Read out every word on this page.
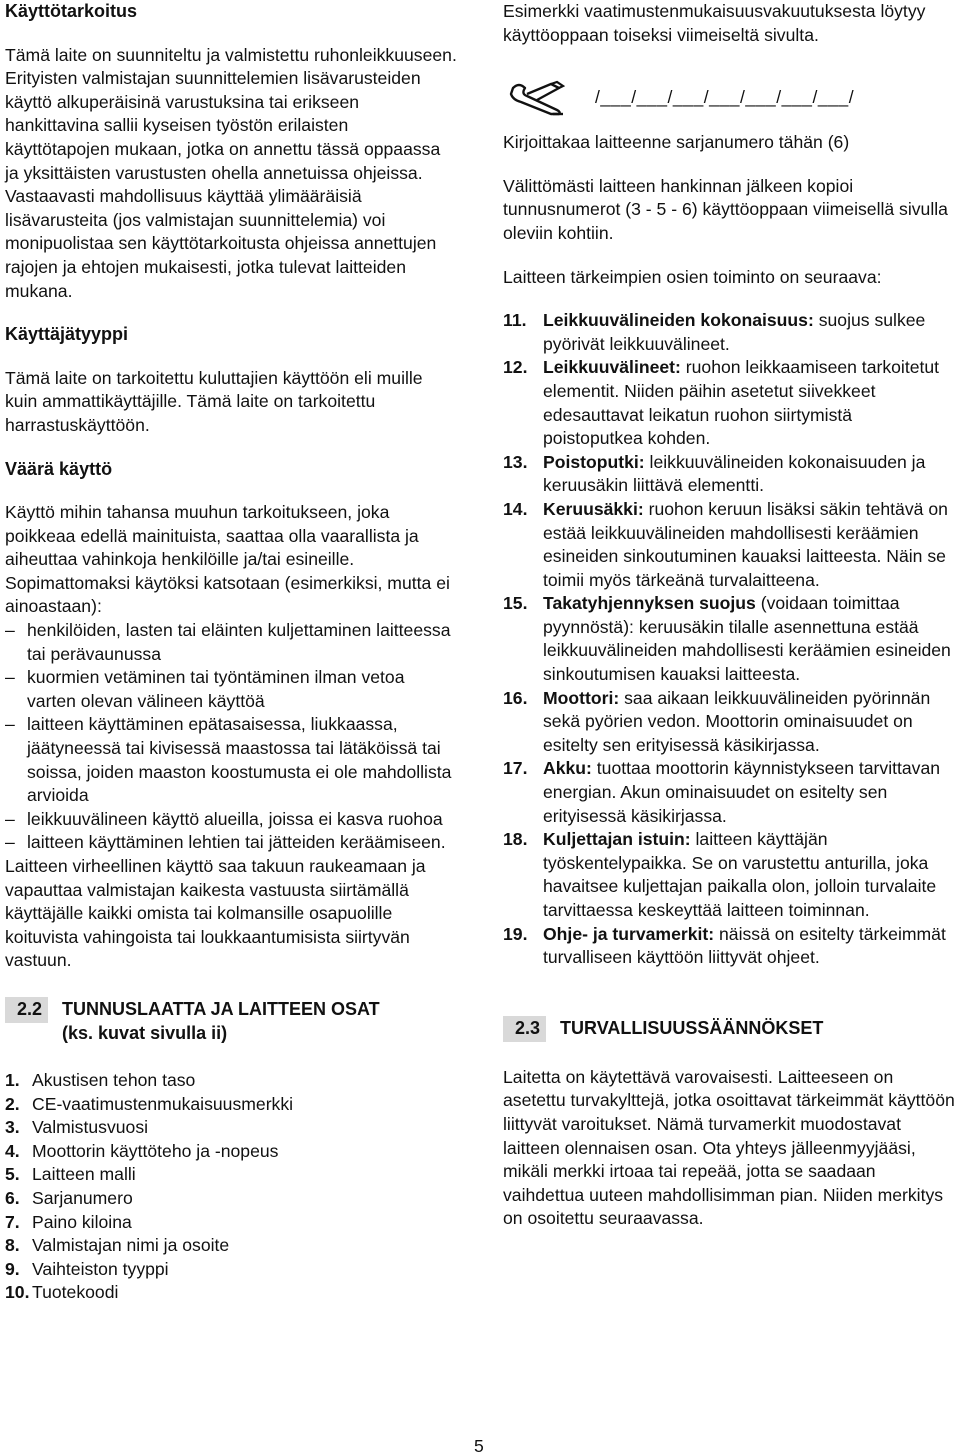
Käyttötarkoitus

Tämä laite on suunniteltu ja valmistettu ruhonleikkuuseen. Erityisten valmistajan suunnittelemien lisävarusteiden käyttö alkuperäisinä varustuksina tai erikseen hankittavina sallii kyseisen työstön erilaisten käyttötapojen mukaan, jotka on annettu tässä oppaassa ja yksittäisten varustusten ohella annetuissa ohjeissa. Vastaavasti mahdollisuus käyttää ylimääräisiä lisävarusteita (jos valmistajan suunnittelemia) voi monipuolistaa sen käyttötarkoitusta ohjeissa annettujen rajojen ja ehtojen mukaisesti, jotka tulevat laitteiden mukana.

Käyttäjätyyppi

Tämä laite on tarkoitettu kuluttajien käyttöön eli muille kuin ammattikäyttäjille. Tämä laite on tarkoitettu harrastuskäyttöön.

Väärä käyttö

Käyttö mihin tahansa muuhun tarkoitukseen, joka poikkeaa edellä mainituista, saattaa olla vaarallista ja aiheuttaa vahinkoja henkilöille ja/tai esineille. Sopimattomaksi käytöksi katsotaan (esimerkiksi, mutta ei ainoastaan):

– henkilöiden, lasten tai eläinten kuljettaminen laitteessa tai perävaunussa
– kuormien vetäminen tai työntäminen ilman vetoa varten olevan välineen käyttöä
– laitteen käyttäminen epätasaisessa, liukkaassa, jäätyneessä tai kivisessä maastossa tai lätäköissä tai soissa, joiden maaston koostumusta ei ole mahdollista arvioida
– leikkuuvälineen käyttö alueilla, joissa ei kasva ruohoa
– laitteen käyttäminen lehtien tai jätteiden keräämiseen.

Laitteen virheellinen käyttö saa takuun raukeamaan ja vapauttaa valmistajan kaikesta vastuusta siirtämällä käyttäjälle kaikki omista tai kolmansille osapuolille koituvista vahingoista tai loukkaantumisista siirtyvän vastuun.

2.2	TUNNUSLAATTA JA LAITTEEN OSAT
(ks. kuvat sivulla ii)
1. Akustisen tehon taso
2. CE-vaatimustenmukaisuusmerkki
3. Valmistusvuosi
4. Moottorin käyttöteho ja -nopeus
5. Laitteen malli
6. Sarjanumero
7. Paino kiloina
8. Valmistajan nimi ja osoite
9. Vaihteiston tyyppi
10. Tuotekoodi

Esimerkki vaatimustenmukaisuusvakuutuksesta löytyy käyttöoppaan toiseksi viimeiseltä sivulta.

/___/___/___/___/___/___/___/

Kirjoittakaa laitteenne sarjanumero tähän (6)

Välittömästi laitteen hankinnan jälkeen kopioi tunnusnumerot (3 - 5 - 6) käyttöoppaan viimeisellä sivulla oleviin kohtiin.

Laitteen tärkeimpien osien toiminto on seuraava:

11. Leikkuuvälineiden kokonaisuus: suojus sulkee pyörivät leikkuuvälineet.
12. Leikkuuvälineet: ruohon leikkaamiseen tarkoitetut elementit. Niiden päihin asetetut siivekkeet edesauttavat leikatun ruohon siirtymistä poistoputkea kohden.
13. Poistoputki: leikkuuvälineiden kokonaisuuden ja keruusäkin liittävä elementti.
14. Keruusäkki: ruohon keruun lisäksi säkin tehtävä on estää leikkuuvälineiden mahdollisesti keräämien esineiden sinkoutuminen kauaksi laitteesta. Näin se toimii myös tärkeänä turvalaitteena.
15. Takatyhjennyksen suojus (voidaan toimittaa pyynnöstä): keruusäkin tilalle asennettuna estää leikkuuvälineiden mahdollisesti keräämien esineiden sinkoutumisen kauaksi laitteesta.
16. Moottori: saa aikaan leikkuuvälineiden pyörinnän sekä pyörien vedon. Moottorin ominaisuudet on esitelty sen erityisessä käsikirjassa.
17. Akku: tuottaa moottorin käynnistykseen tarvittavan energian. Akun ominaisuudet on esitelty sen erityisessä käsikirjassa.
18. Kuljettajan istuin: laitteen käyttäjän työskentelypaikka. Se on varustettu anturilla, joka havaitsee kuljettajan paikalla olon, jolloin turvalaite tarvittaessa keskeyttää laitteen toiminnan.
19. Ohje- ja turvamerkit: näissä on esitelty tärkeimmät turvalliseen käyttöön liittyvät ohjeet.
2.3	TURVALLISUUSSÄÄNNÖKSET

Laitetta on käytettävä varovaisesti. Laitteeseen on asetettu turvakylttejä, jotka osoittavat tärkeimmät käyttöön liittyvät varoitukset. Nämä turvamerkit muodostavat laitteen olennaisen osan. Ota yhteys jälleenmyyjääsi, mikäli merkki irtoaa tai repeää, jotta se saadaan vaihdettua uuteen mahdollisimman pian. Niiden merkitys on osoitettu seuraavassa.

5
